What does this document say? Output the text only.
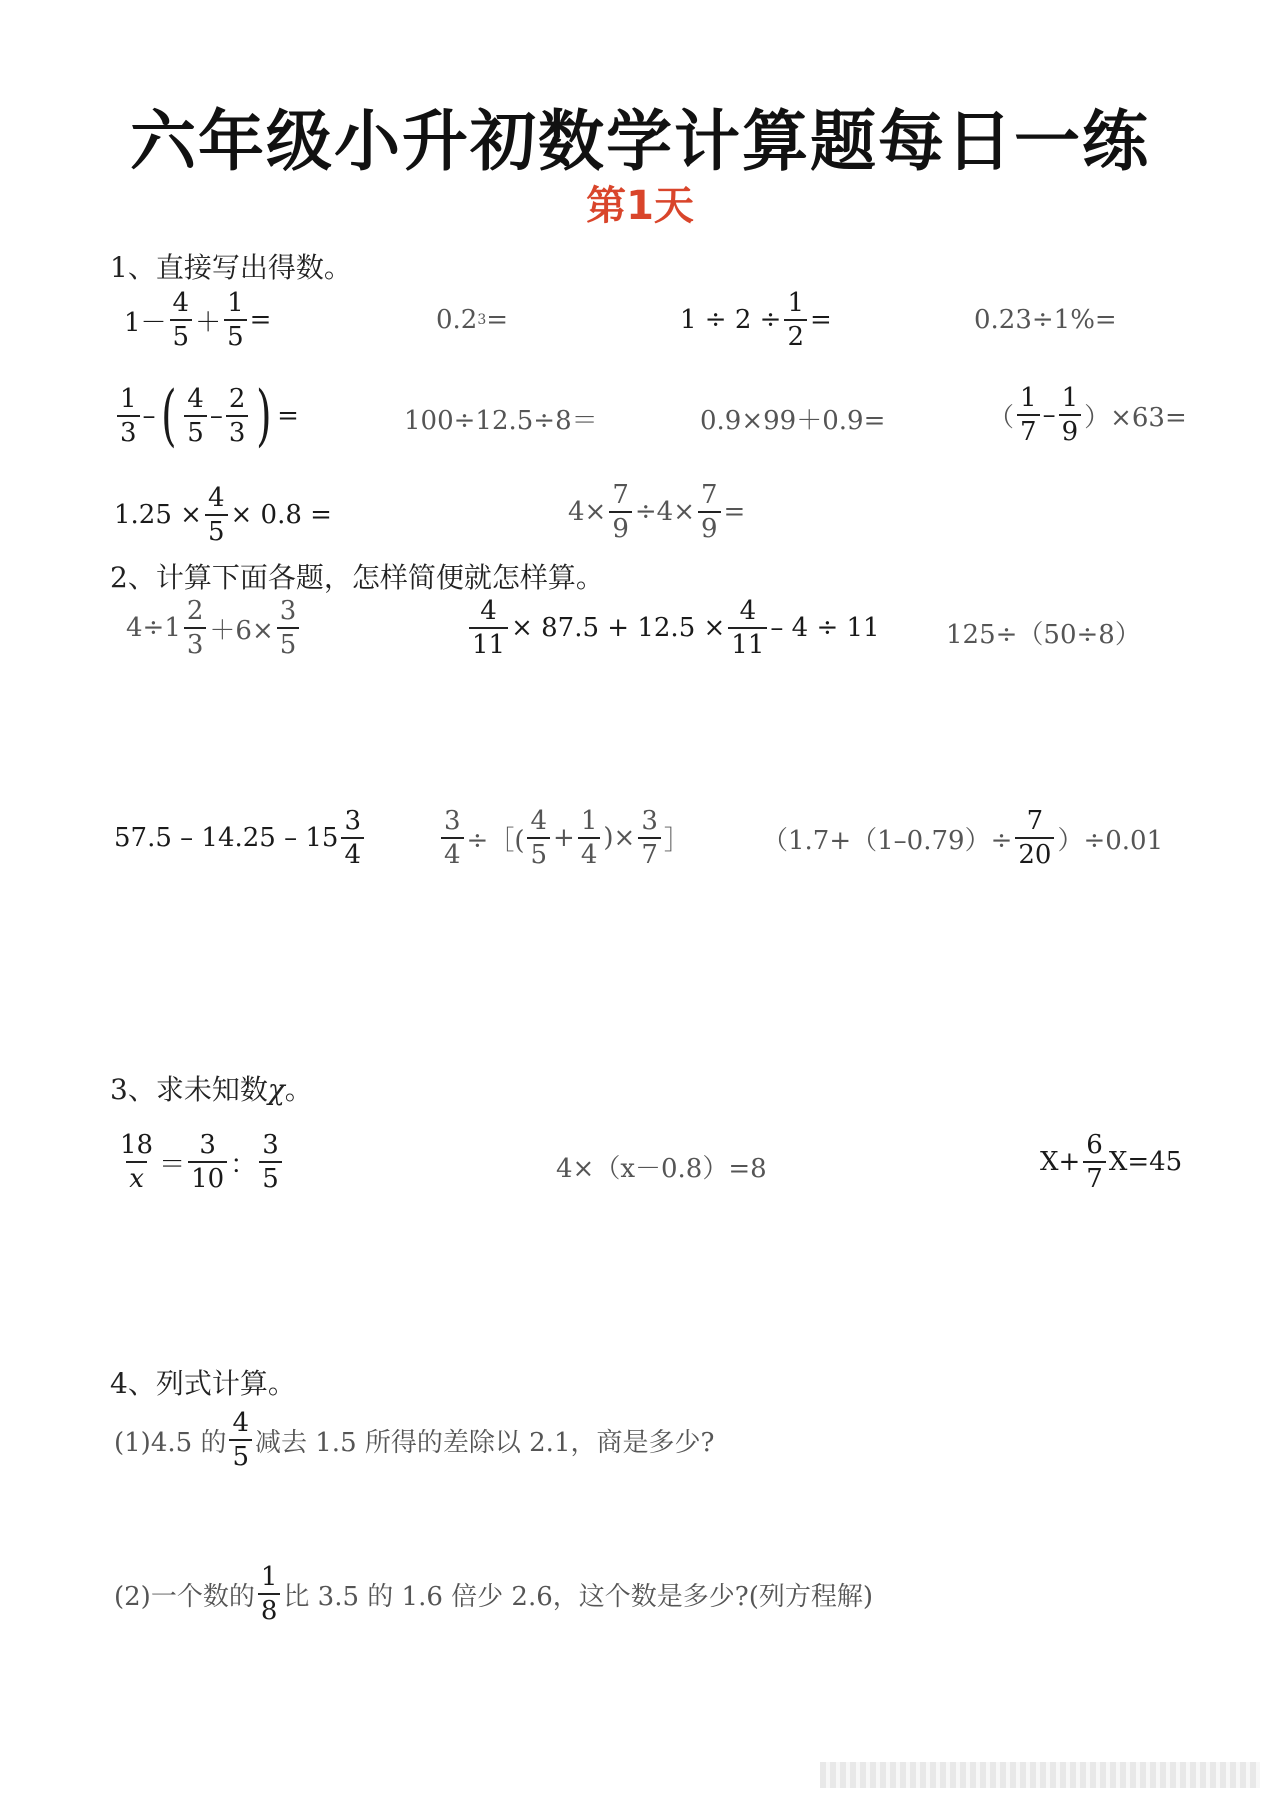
六年级小升初数学计算题每日一练
第1天
1、直接写出得数。
$1- \frac{4}{5} + \frac{1}{5}$ =	0.2 3 =	$1 \div 2 \div \frac{1}{2}$ =	0.23÷1%=
$\frac{1}{3}$ – ( $\frac{4}{5} - \frac{2}{3}$ ) =	100÷12.5÷8＝	0.9×99＋0.9=	（ $\frac{1}{7} - \frac{1}{9} )\times 63=$
$1.25 \times \frac{4}{5} \times 0.8$ =	$4\times \frac{7}{9} \div 4\times \frac{7}{9}$ =
2、计算下面各题，怎样简便就怎样算。
$4\div 1 \frac{2}{3} +6\times \frac{3}{5}$	$\frac{4}{11} \times 87.5 + 12.5 \times \frac{4}{11} - 4 \div 11$	125÷（50÷8）
$57.5 - 14.25 - 15 \frac{3}{4}$	$\frac{3}{4}$ ÷［( $\frac{4}{5} + \frac{1}{4}$ )× $\frac{3}{7}$ ］	$(1.7+(1-0.79)\div \frac{7}{20} )\div 0.01$
3、求未知数χ。
$\frac{18}{x} = \frac{3}{10}$ ： $\frac{3}{5}$	4×（x－0.8）=8	$X+ \frac{6}{7} X=45$
4、列式计算。
(1)4.5 的 $\frac{4}{5}$ 减去 1.5 所得的差除以 2.1，商是多少?
(2)一个数的 $\frac{1}{8}$ 比 3.5 的 1.6 倍少 2.6，这个数是多少?(列方程解)
